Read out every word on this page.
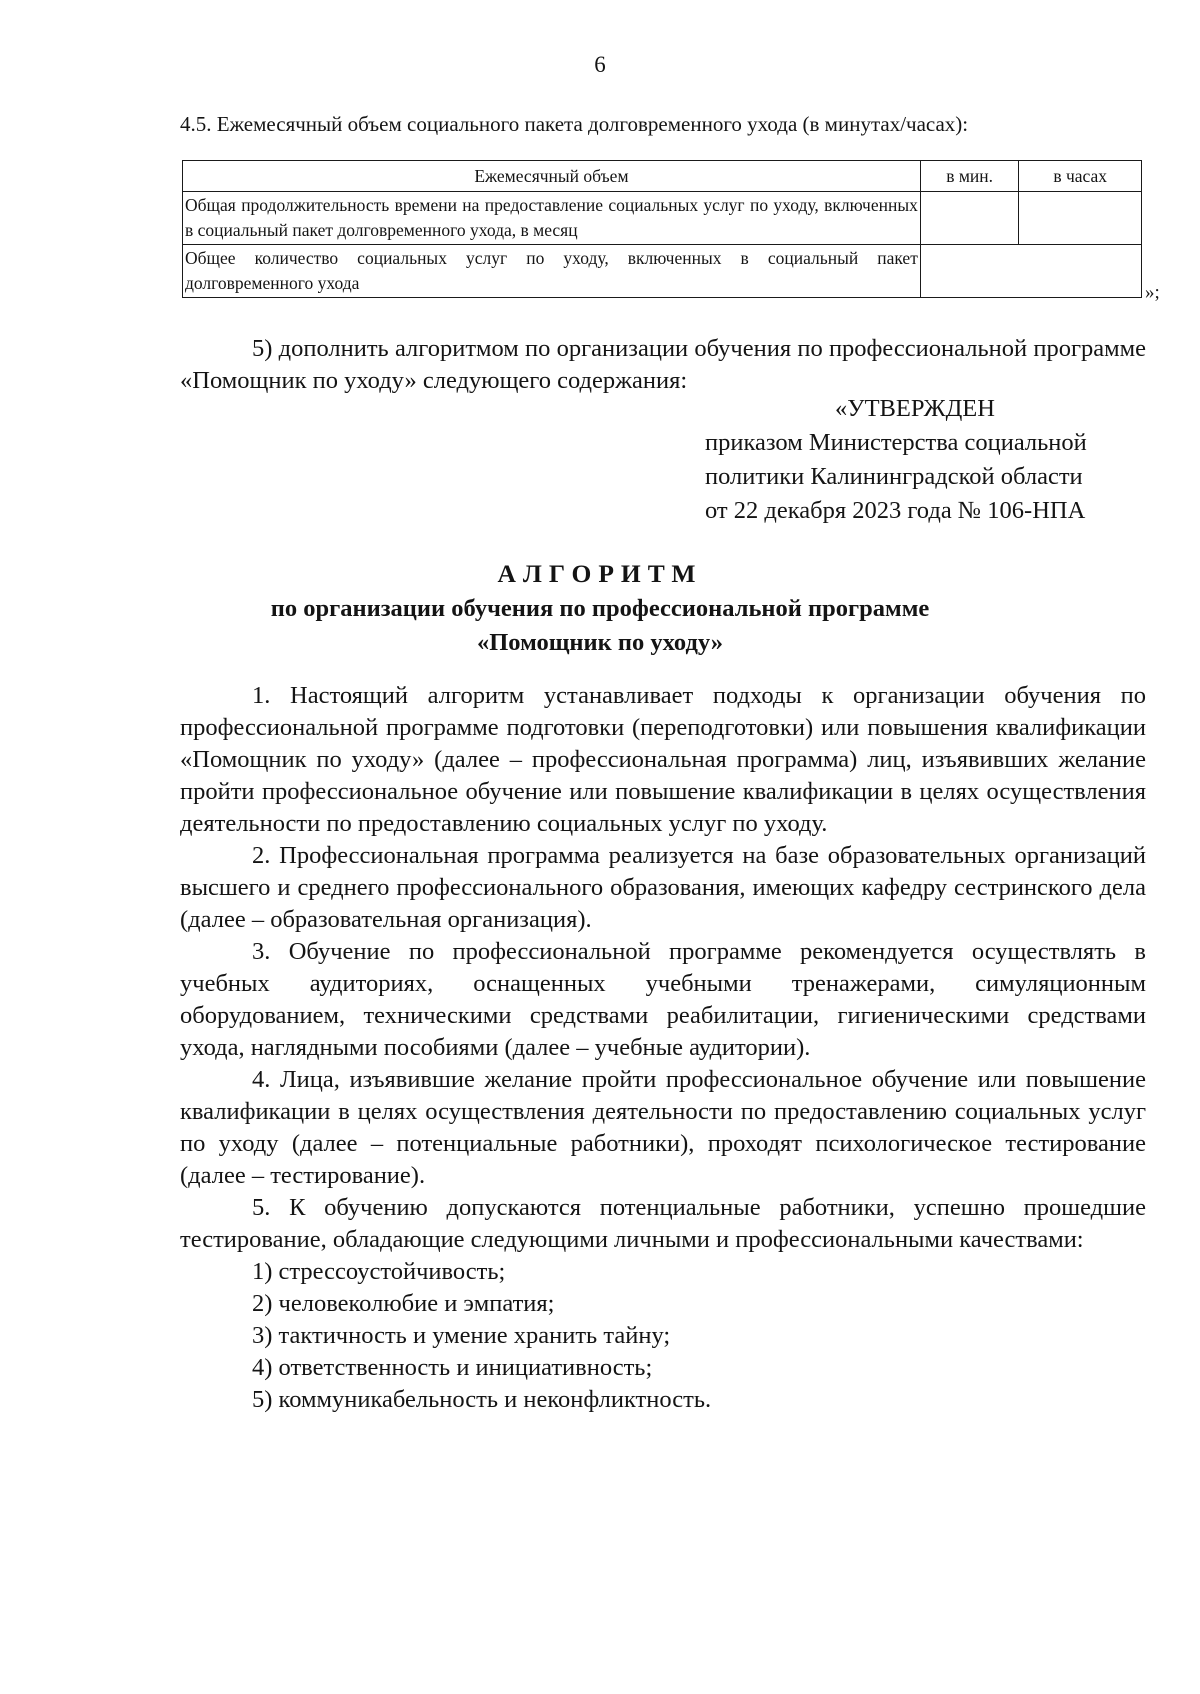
6
4.5. Ежемесячный объем социального пакета долговременного ухода (в минутах/часах):
Ежемесячный объем	в мин.	в часах
Общая продолжительность времени на предоставление социальных услуг по уходу, включенных в социальный пакет долговременного ухода, в месяц		
Общее количество социальных услуг по уходу, включенных в социальный пакет долговременного ухода			»;

5) дополнить алгоритмом по организации обучения по профессиональной программе «Помощник по уходу» следующего содержания:

«УТВЕРЖДЕН
приказом Министерства социальной
политики Калининградской области
от 22 декабря 2023 года № 106-НПА
АЛГОРИТМ
по организации обучения по профессиональной программе
«Помощник по уходу»

1. Настоящий алгоритм устанавливает подходы к организации обучения по профессиональной программе подготовки (переподготовки) или повышения квалификации «Помощник по уходу» (далее – профессиональная программа) лиц, изъявивших желание пройти профессиональное обучение или повышение квалификации в целях осуществления деятельности по предоставлению социальных услуг по уходу.

2. Профессиональная программа реализуется на базе образовательных организаций высшего и среднего профессионального образования, имеющих кафедру сестринского дела (далее – образовательная организация).

3. Обучение по профессиональной программе рекомендуется осуществлять в учебных аудиториях, оснащенных учебными тренажерами, симуляционным оборудованием, техническими средствами реабилитации, гигиеническими средствами ухода, наглядными пособиями (далее – учебные аудитории).

4. Лица, изъявившие желание пройти профессиональное обучение или повышение квалификации в целях осуществления деятельности по предоставлению социальных услуг по уходу (далее – потенциальные работники), проходят психологическое тестирование (далее – тестирование).

5. К обучению допускаются потенциальные работники, успешно прошедшие тестирование, обладающие следующими личными и профессиональными качествами:

1) стрессоустойчивость;

2) человеколюбие и эмпатия;

3) тактичность и умение хранить тайну;

4) ответственность и инициативность;

5) коммуникабельность и неконфликтность.
